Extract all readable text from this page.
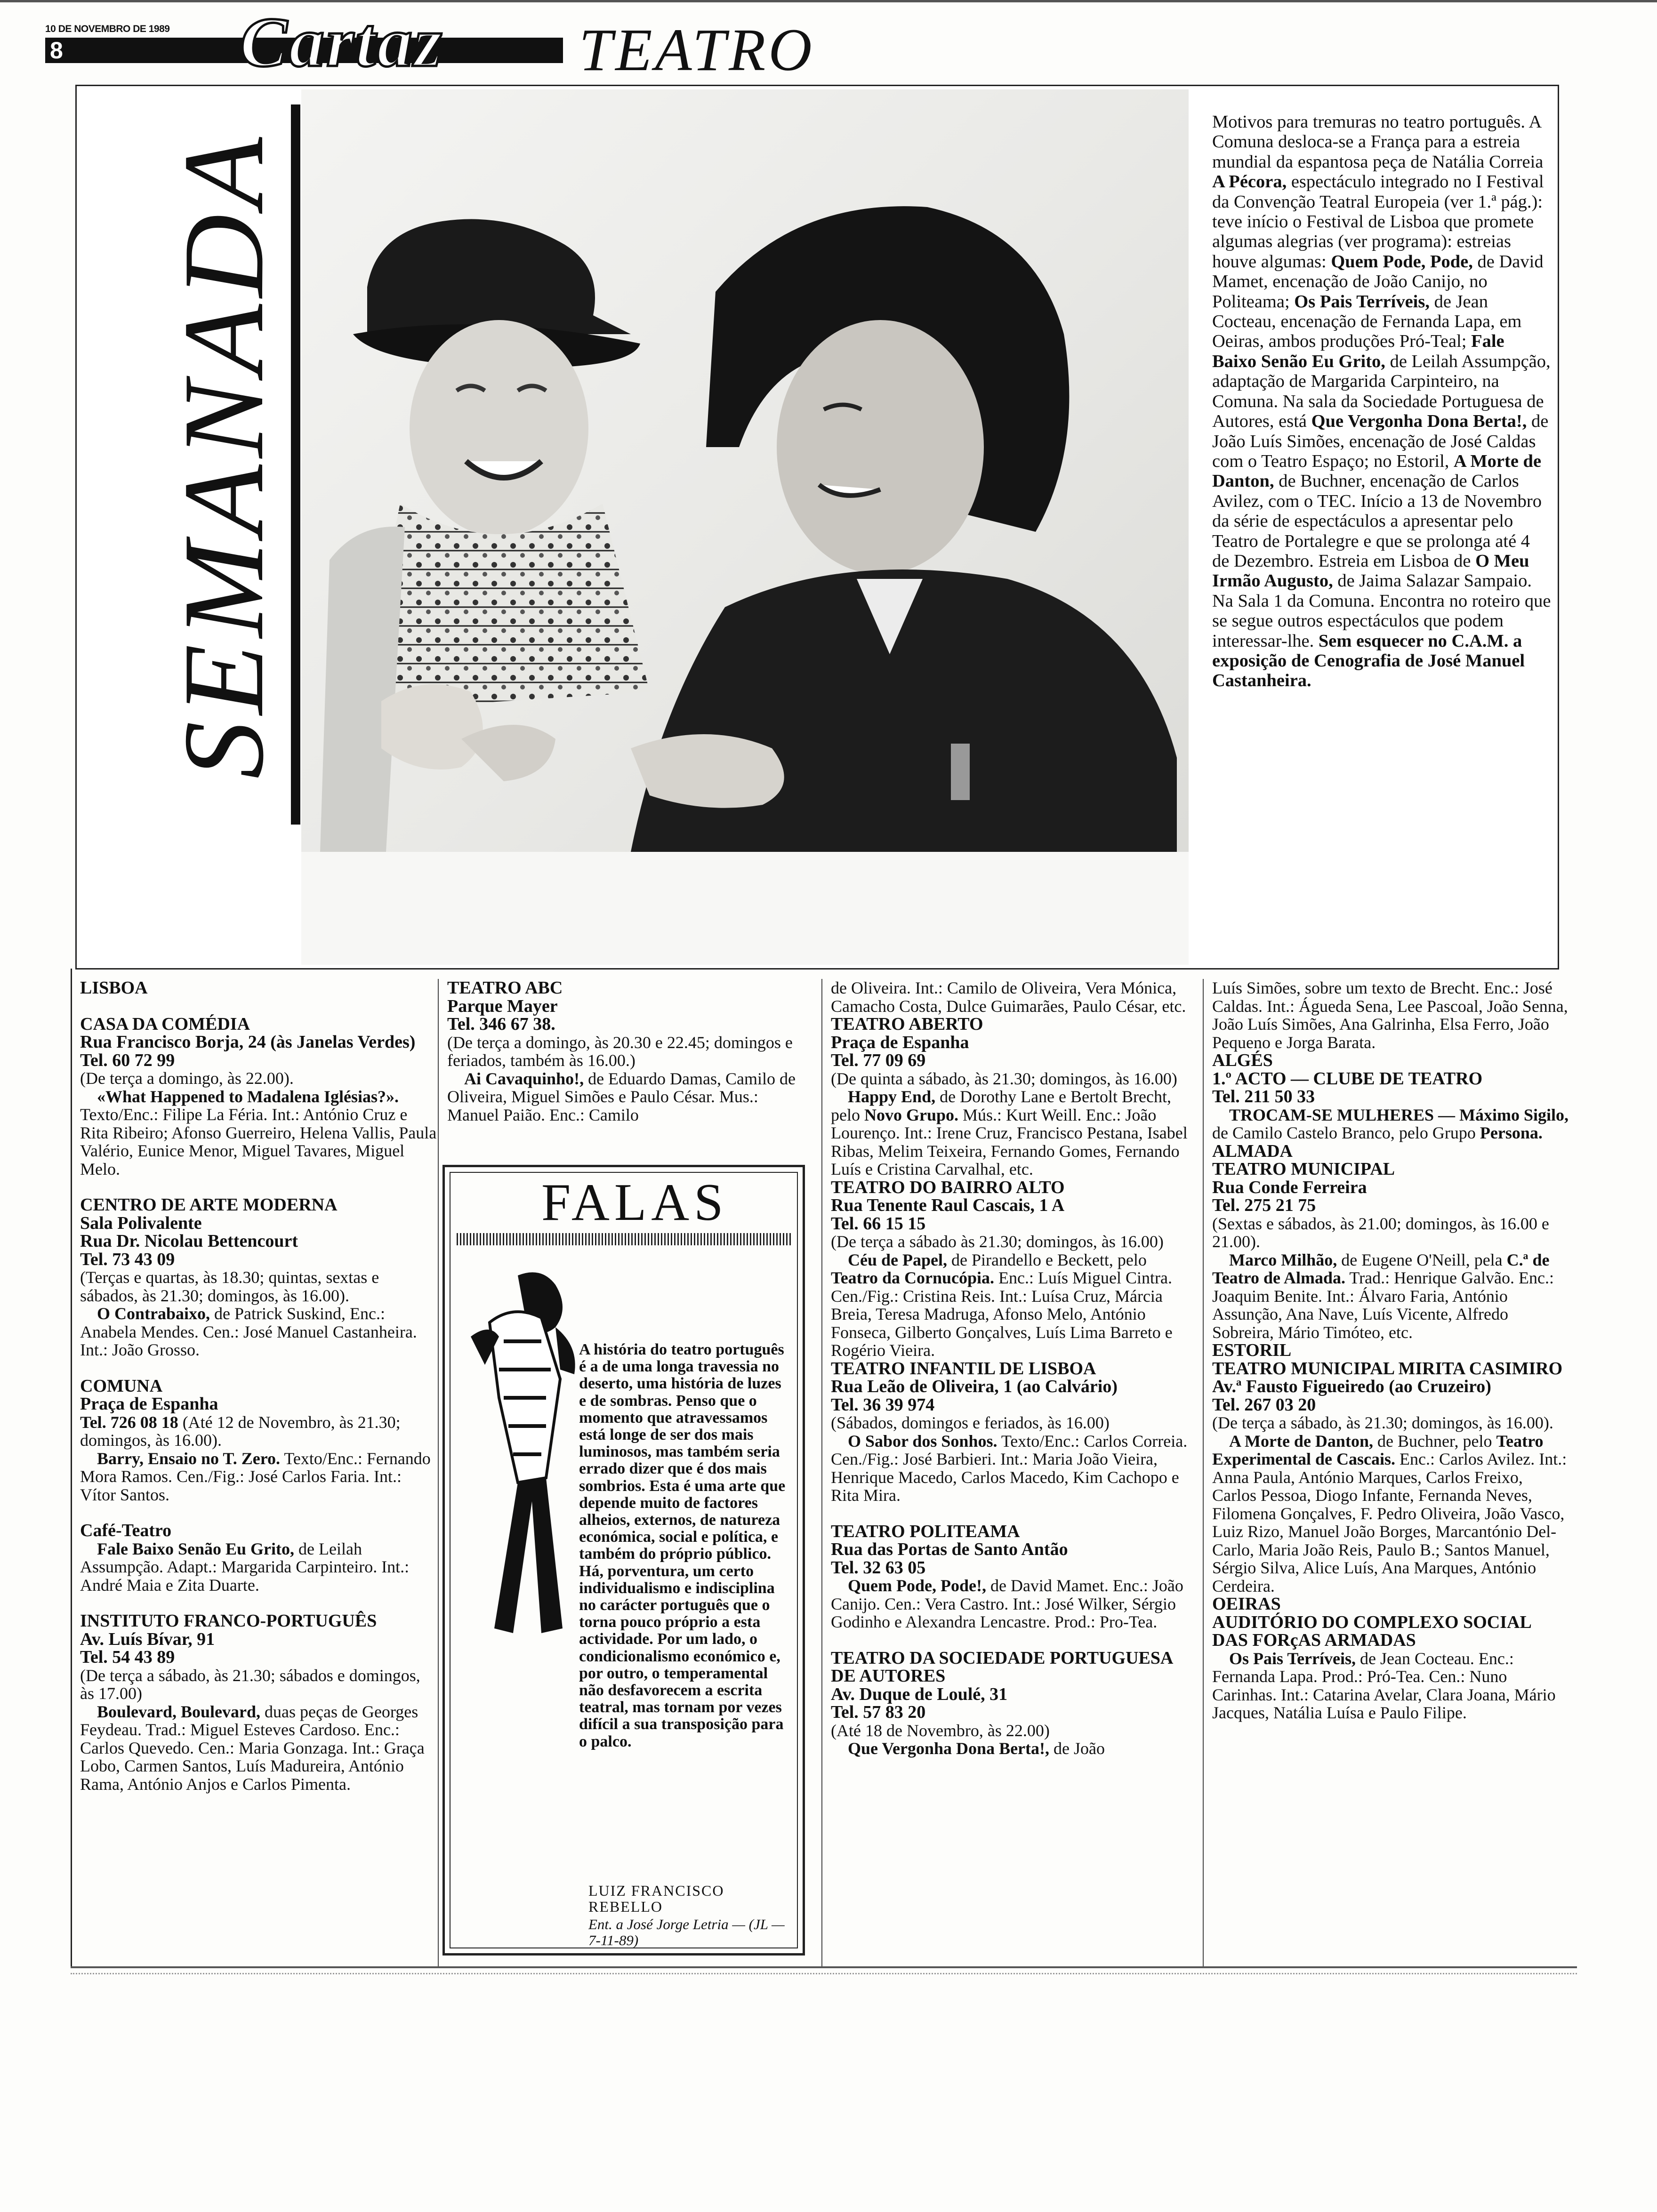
10 DE NOVEMBRO DE 1989
8	Cartaz TEATRO
SEMANADA
Motivos para tremuras no teatro português. A Comuna desloca-se a França para a estreia mundial da espantosa peça de Natália Correia A Pécora, espectáculo integrado no I Festival da Convenção Teatral Europeia (ver 1.ª pág.): teve início o Festival de Lisboa que promete algumas alegrias (ver programa): estreias houve algumas: Quem Pode, Pode, de David Mamet, encenação de João Canijo, no Politeama; Os Pais Terríveis, de Jean Cocteau, encenação de Fernanda Lapa, em Oeiras, ambos produções Pró-Teal; Fale Baixo Senão Eu Grito, de Leilah Assumpção, adaptação de Margarida Carpinteiro, na Comuna. Na sala da Sociedade Portuguesa de Autores, está Que Vergonha Dona Berta!, de João Luís Simões, encenação de José Caldas com o Teatro Espaço; no Estoril, A Morte de Danton, de Buchner, encenação de Carlos Avilez, com o TEC. Início a 13 de Novembro da série de espectáculos a apresentar pelo Teatro de Portalegre e que se prolonga até 4 de Dezembro. Estreia em Lisboa de O Meu Irmão Augusto, de Jaima Salazar Sampaio. Na Sala 1 da Comuna. Encontra no roteiro que se segue outros espectáculos que podem interessar-lhe. Sem esquecer no C.A.M. a exposição de Cenografia de José Manuel Castanheira.

LISBOA

CASA DA COMÉDIA

Rua Francisco Borja, 24 (às Janelas Verdes)

Tel. 60 72 99

(De terça a domingo, às 22.00).

«What Happened to Madalena Iglésias?». Texto/Enc.: Filipe La Féria. Int.: António Cruz e Rita Ribeiro; Afonso Guerreiro, Helena Vallis, Paula Valério, Eunice Menor, Miguel Tavares, Miguel Melo.

CENTRO DE ARTE MODERNA

Sala Polivalente

Rua Dr. Nicolau Bettencourt

Tel. 73 43 09

(Terças e quartas, às 18.30; quintas, sextas e sábados, às 21.30; domingos, às 16.00).

O Contrabaixo, de Patrick Suskind, Enc.: Anabela Mendes. Cen.: José Manuel Castanheira. Int.: João Grosso.

COMUNA

Praça de Espanha

Tel. 726 08 18 (Até 12 de Novembro, às 21.30; domingos, às 16.00).

Barry, Ensaio no T. Zero. Texto/Enc.: Fernando Mora Ramos. Cen./Fig.: José Carlos Faria. Int.: Vítor Santos.

Café-Teatro

Fale Baixo Senão Eu Grito, de Leilah Assumpção. Adapt.: Margarida Carpinteiro. Int.: André Maia e Zita Duarte.

INSTITUTO FRANCO-PORTUGUÊS

Av. Luís Bívar, 91

Tel. 54 43 89

(De terça a sábado, às 21.30; sábados e domingos, às 17.00)

Boulevard, Boulevard, duas peças de Georges Feydeau. Trad.: Miguel Esteves Cardoso. Enc.: Carlos Quevedo. Cen.: Maria Gonzaga. Int.: Graça Lobo, Carmen Santos, Luís Madureira, António Rama, António Anjos e Carlos Pimenta.

TEATRO ABC

Parque Mayer

Tel. 346 67 38.

(De terça a domingo, às 20.30 e 22.45; domingos e feriados, também às 16.00.)

Ai Cavaquinho!, de Eduardo Damas, Camilo de Oliveira, Miguel Simões e Paulo César. Mus.: Manuel Paião. Enc.: Camilo

de Oliveira. Int.: Camilo de Oliveira, Vera Mónica, Camacho Costa, Dulce Guimarães, Paulo César, etc.

TEATRO ABERTO

Praça de Espanha

Tel. 77 09 69

(De quinta a sábado, às 21.30; domingos, às 16.00)

Happy End, de Dorothy Lane e Bertolt Brecht, pelo Novo Grupo. Mús.: Kurt Weill. Enc.: João Lourenço. Int.: Irene Cruz, Francisco Pestana, Isabel Ribas, Melim Teixeira, Fernando Gomes, Fernando Luís e Cristina Carvalhal, etc.

TEATRO DO BAIRRO ALTO

Rua Tenente Raul Cascais, 1 A

Tel. 66 15 15

(De terça a sábado às 21.30; domingos, às 16.00)

Céu de Papel, de Pirandello e Beckett, pelo Teatro da Cornucópia. Enc.: Luís Miguel Cintra. Cen./Fig.: Cristina Reis. Int.: Luísa Cruz, Márcia Breia, Teresa Madruga, Afonso Melo, António Fonseca, Gilberto Gonçalves, Luís Lima Barreto e Rogério Vieira.

TEATRO INFANTIL DE LISBOA

Rua Leão de Oliveira, 1 (ao Calvário)

Tel. 36 39 974

(Sábados, domingos e feriados, às 16.00)

O Sabor dos Sonhos. Texto/Enc.: Carlos Correia. Cen./Fig.: José Barbieri. Int.: Maria João Vieira, Henrique Macedo, Carlos Macedo, Kim Cachopo e Rita Mira.

TEATRO POLITEAMA

Rua das Portas de Santo Antão

Tel. 32 63 05

Quem Pode, Pode!, de David Mamet. Enc.: João Canijo. Cen.: Vera Castro. Int.: José Wilker, Sérgio Godinho e Alexandra Lencastre. Prod.: Pro-Tea.

TEATRO DA SOCIEDADE PORTUGUESA DE AUTORES

Av. Duque de Loulé, 31

Tel. 57 83 20

(Até 18 de Novembro, às 22.00)

Que Vergonha Dona Berta!, de João

Luís Simões, sobre um texto de Brecht. Enc.: José Caldas. Int.: Águeda Sena, Lee Pascoal, João Senna, João Luís Simões, Ana Galrinha, Elsa Ferro, João Pequeno e Jorga Barata.

ALGÉS

1.º ACTO — CLUBE DE TEATRO

Tel. 211 50 33

TROCAM-SE MULHERES — Máximo Sigilo, de Camilo Castelo Branco, pelo Grupo Persona.

ALMADA

TEATRO MUNICIPAL

Rua Conde Ferreira

Tel. 275 21 75

(Sextas e sábados, às 21.00; domingos, às 16.00 e 21.00).

Marco Milhão, de Eugene O'Neill, pela C.ª de Teatro de Almada. Trad.: Henrique Galvão. Enc.: Joaquim Benite. Int.: Álvaro Faria, António Assunção, Ana Nave, Luís Vicente, Alfredo Sobreira, Mário Timóteo, etc.

ESTORIL

TEATRO MUNICIPAL MIRITA CASIMIRO

Av.ª Fausto Figueiredo (ao Cruzeiro)

Tel. 267 03 20

(De terça a sábado, às 21.30; domingos, às 16.00).

A Morte de Danton, de Buchner, pelo Teatro Experimental de Cascais. Enc.: Carlos Avilez. Int.: Anna Paula, António Marques, Carlos Freixo, Carlos Pessoa, Diogo Infante, Fernanda Neves, Filomena Gonçalves, F. Pedro Oliveira, João Vasco, Luiz Rizo, Manuel João Borges, Marcantónio Del-Carlo, Maria João Reis, Paulo B.; Santos Manuel, Sérgio Silva, Alice Luís, Ana Marques, António Cerdeira.

OEIRAS

AUDITÓRIO DO COMPLEXO SOCIAL DAS FORçAS ARMADAS

Os Pais Terríveis, de Jean Cocteau. Enc.: Fernanda Lapa. Prod.: Pró-Tea. Cen.: Nuno Carinhas. Int.: Catarina Avelar, Clara Joana, Mário Jacques, Natália Luísa e Paulo Filipe.

FALAS
A história do teatro português é a de uma longa travessia no deserto, uma história de luzes e de sombras. Penso que o momento que atravessamos está longe de ser dos mais luminosos, mas também seria errado dizer que é dos mais sombrios. Esta é uma arte que depende muito de factores alheios, externos, de natureza económica, social e política, e também do próprio público. Há, porventura, um certo individualismo e indisciplina no carácter português que o torna pouco próprio a esta actividade. Por um lado, o condicionalismo económico e, por outro, o temperamental não desfavorecem a escrita teatral, mas tornam por vezes difícil a sua transposição para o palco.
LUIZ FRANCISCO REBELLO
Ent. a José Jorge Letria — (JL — 7-11-89)
